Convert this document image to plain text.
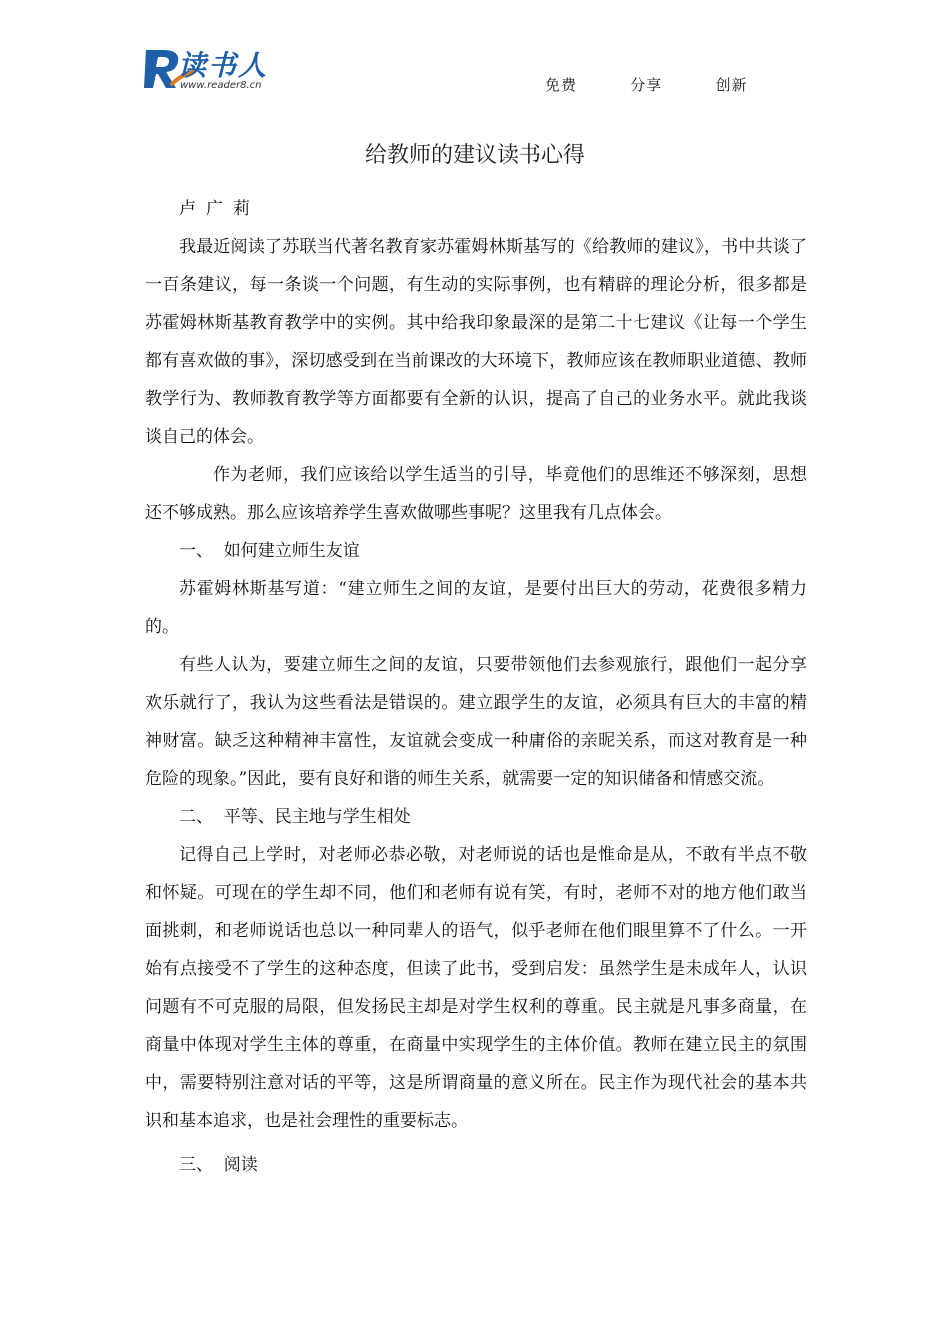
读书人
www.reader8.cn	免费   分享   创新
给教师的建议读书心得

卢广莉

我最近阅读了苏联当代著名教育家苏霍姆林斯基写的《给教师的建议》，书中共谈了一百条建议，每一条谈一个问题，有生动的实际事例，也有精辟的理论分析，很多都是苏霍姆林斯基教育教学中的实例。其中给我印象最深的是第二十七建议《让每一个学生都有喜欢做的事》，深切感受到在当前课改的大环境下，教师应该在教师职业道德、教师教学行为、教师教育教学等方面都要有全新的认识，提高了自己的业务水平。就此我谈谈自己的体会。

作为老师，我们应该给以学生适当的引导，毕竟他们的思维还不够深刻，思想还不够成熟。那么应该培养学生喜欢做哪些事呢？这里我有几点体会。

一、  如何建立师生友谊

苏霍姆林斯基写道：“建立师生之间的友谊，是要付出巨大的劳动，花费很多精力的。

有些人认为，要建立师生之间的友谊，只要带领他们去参观旅行，跟他们一起分享欢乐就行了，我认为这些看法是错误的。建立跟学生的友谊，必须具有巨大的丰富的精神财富。缺乏这种精神丰富性，友谊就会变成一种庸俗的亲昵关系，而这对教育是一种危险的现象。”因此，要有良好和谐的师生关系，就需要一定的知识储备和情感交流。

二、  平等、民主地与学生相处

记得自己上学时，对老师必恭必敬，对老师说的话也是惟命是从，不敢有半点不敬和怀疑。可现在的学生却不同，他们和老师有说有笑，有时，老师不对的地方他们敢当面挑刺，和老师说话也总以一种同辈人的语气，似乎老师在他们眼里算不了什么。一开始有点接受不了学生的这种态度，但读了此书，受到启发：虽然学生是未成年人，认识问题有不可克服的局限，但发扬民主却是对学生权利的尊重。民主就是凡事多商量，在商量中体现对学生主体的尊重，在商量中实现学生的主体价值。教师在建立民主的氛围中，需要特别注意对话的平等，这是所谓商量的意义所在。民主作为现代社会的基本共识和基本追求，也是社会理性的重要标志。

三、  阅读
